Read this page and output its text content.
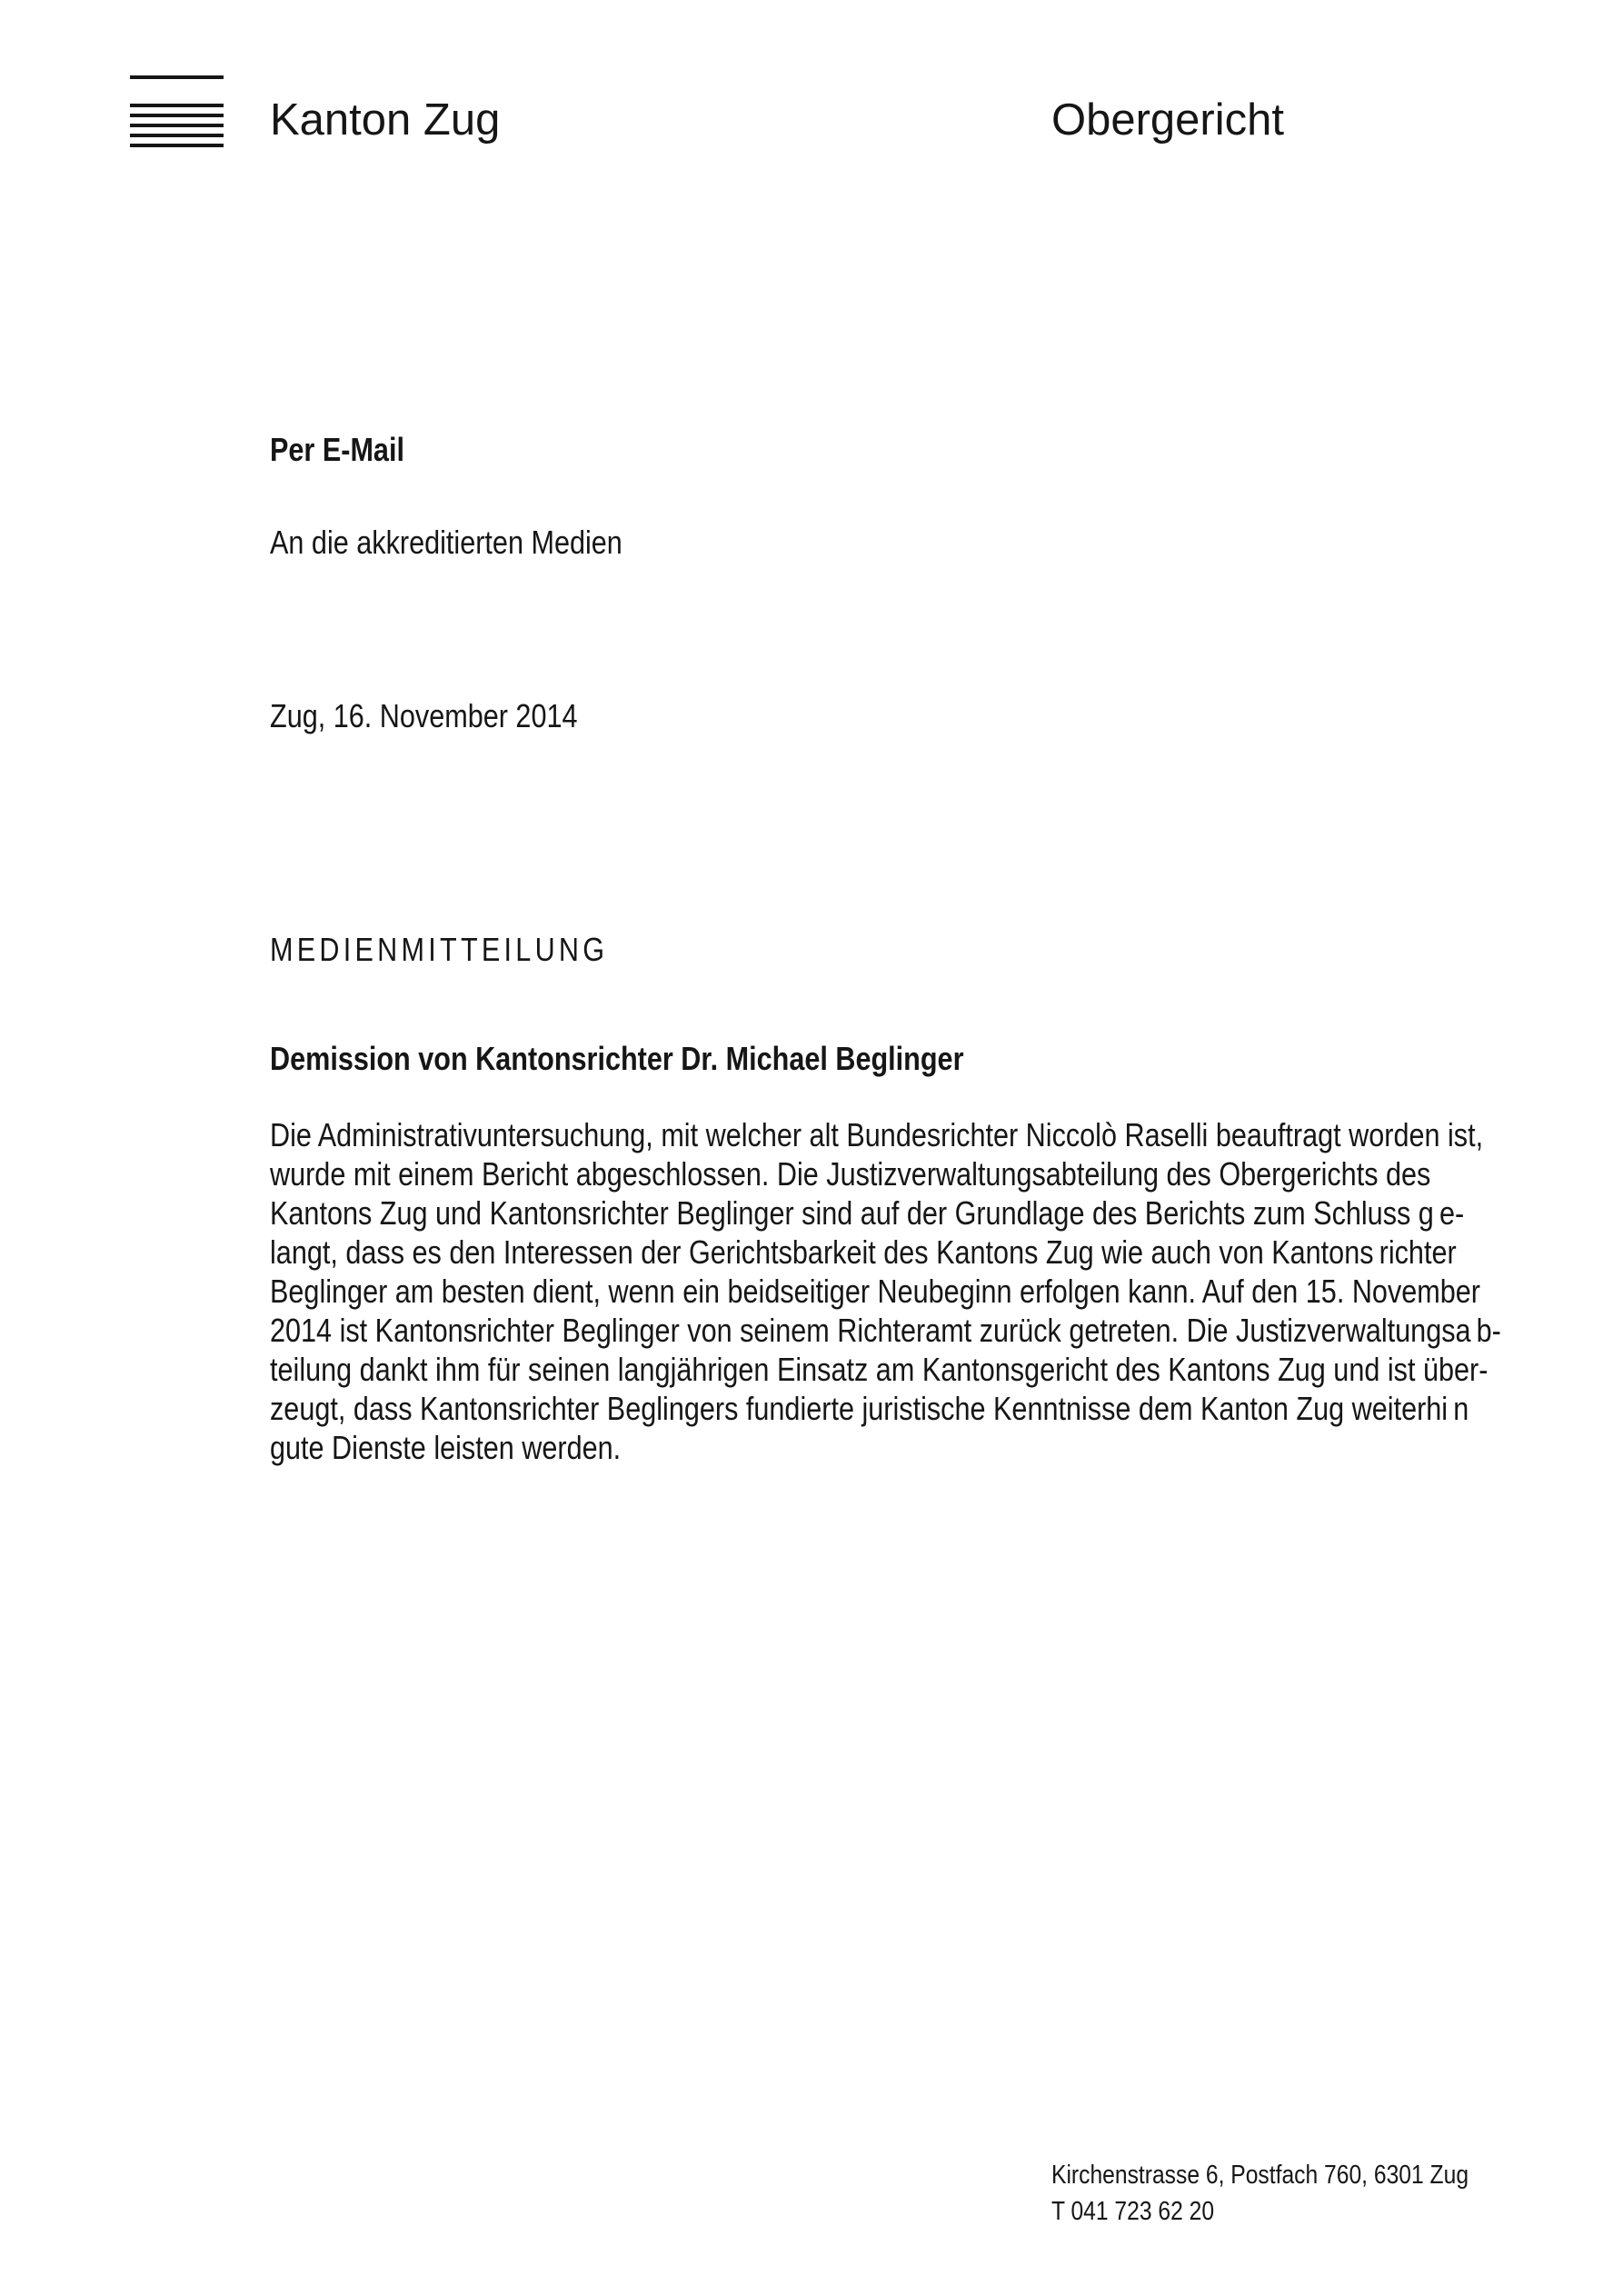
Kanton Zug	Obergericht
Per E-Mail
An die akkreditierten Medien
Zug, 16. November 2014
MEDIENMITTEILUNG
Demission von Kantonsrichter Dr. Michael Beglinger
Die Administrativuntersuchung, mit welcher alt Bundesrichter Niccolò Raselli beauftragt worden ist,
wurde mit einem Bericht abgeschlossen. Die Justizverwaltungsabteilung des Obergerichts des
Kantons Zug und Kantonsrichter Beglinger sind auf der Grundlage des Berichts zum Schluss g e-
langt, dass es den Interessen der Gerichtsbarkeit des Kantons Zug wie auch von Kantons richter
Beglinger am besten dient, wenn ein beidseitiger Neubeginn erfolgen kann. Auf den 15. November
2014 ist Kantonsrichter Beglinger von seinem Richteramt zurück getreten. Die Justizverwaltungsa b-
teilung dankt ihm für seinen langjährigen Einsatz am Kantonsgericht des Kantons Zug und ist über-
zeugt, dass Kantonsrichter Beglingers fundierte juristische Kenntnisse dem Kanton Zug weiterhi n
gute Dienste leisten werden.
Kirchenstrasse 6, Postfach 760, 6301 Zug
T 041 723 62 20
